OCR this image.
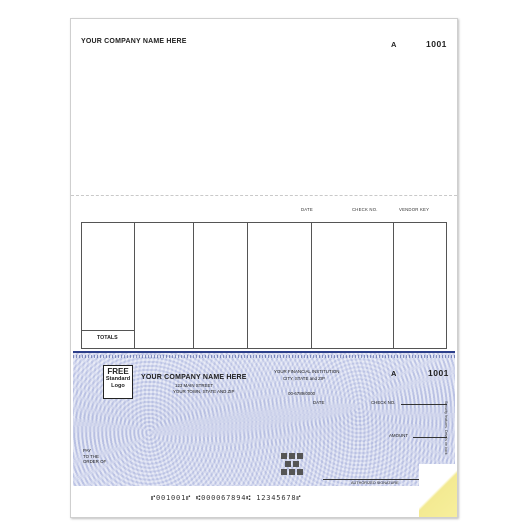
YOUR COMPANY NAME HERE	A	1001
DATE	CHECK NO.	VENDOR KEY
TOTALS
FREE
Standard
Logo
YOUR COMPANY NAME HERE
123 MAIN STREET
YOUR TOWN, STATE AND ZIP
YOUR FINANCIAL INSTITUTION
CITY, STATE and ZIP
00-6789/0000
A	1001
DATE	CHECK NO.
AMOUNT
PAY
TO THE
ORDER OF
AUTHORIZED SIGNATURE
Security features. Details on back.
⑈001001⑈ ⑆000067894⑆ 12345678⑈
